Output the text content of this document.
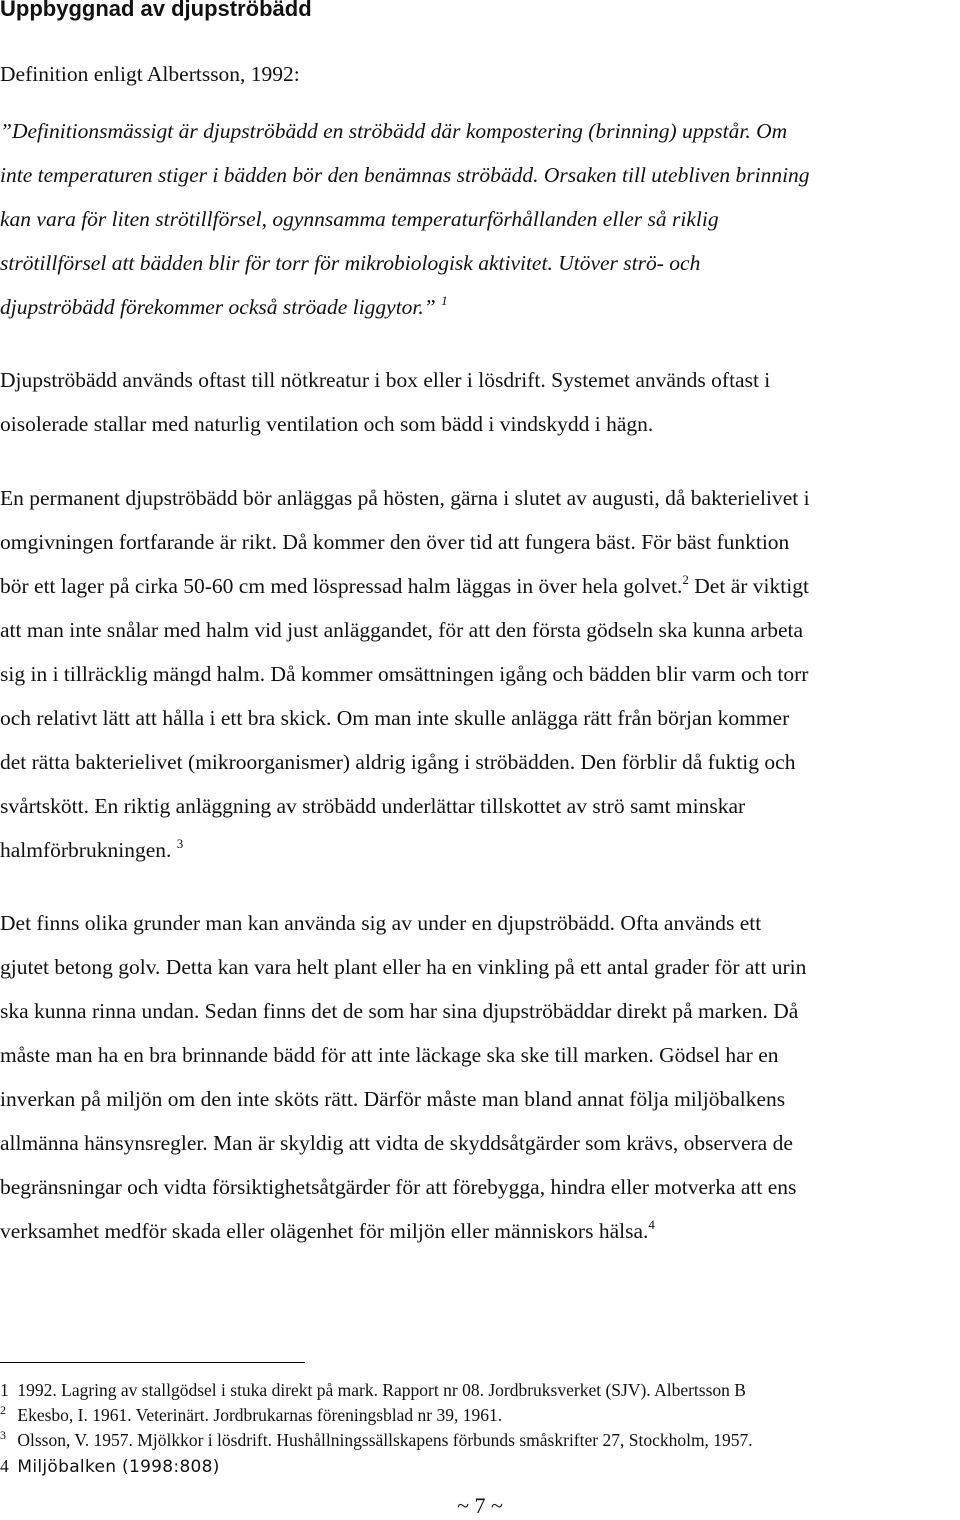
Uppbyggnad av djupströbädd

Definition enligt Albertsson, 1992:

”Definitionsmässigt är djupströbädd en ströbädd där kompostering (brinning) uppstår. Om

inte temperaturen stiger i bädden bör den benämnas ströbädd. Orsaken till utebliven brinning

kan vara för liten strötillförsel, ogynnsamma temperaturförhållanden eller så riklig

strötillförsel att bädden blir för torr för mikrobiologisk aktivitet. Utöver strö- och

djupströbädd förekommer också ströade liggytor.” $^1$

Djupströbädd används oftast till nötkreatur i box eller i lösdrift. Systemet används oftast i

oisolerade stallar med naturlig ventilation och som bädd i vindskydd i hägn.

En permanent djupströbädd bör anläggas på hösten, gärna i slutet av augusti, då bakterielivet i

omgivningen fortfarande är rikt. Då kommer den över tid att fungera bäst. För bäst funktion

bör ett lager på cirka 50-60 cm med löspressad halm läggas in över hela golvet.$^2$ Det är viktigt

att man inte snålar med halm vid just anläggandet, för att den första gödseln ska kunna arbeta

sig in i tillräcklig mängd halm. Då kommer omsättningen igång och bädden blir varm och torr

och relativt lätt att hålla i ett bra skick. Om man inte skulle anlägga rätt från början kommer

det rätta bakterielivet (mikroorganismer) aldrig igång i ströbädden. Den förblir då fuktig och

svårtskött. En riktig anläggning av ströbädd underlättar tillskottet av strö samt minskar

halmförbrukningen. $^3$

Det finns olika grunder man kan använda sig av under en djupströbädd. Ofta används ett

gjutet betong golv. Detta kan vara helt plant eller ha en vinkling på ett antal grader för att urin

ska kunna rinna undan. Sedan finns det de som har sina djupströbäddar direkt på marken. Då

måste man ha en bra brinnande bädd för att inte läckage ska ske till marken. Gödsel har en

inverkan på miljön om den inte sköts rätt. Därför måste man bland annat följa miljöbalkens

allmänna hänsynsregler. Man är skyldig att vidta de skyddsåtgärder som krävs, observera de

begränsningar och vidta försiktighetsåtgärder för att förebygga, hindra eller motverka att ens

verksamhet medför skada eller olägenhet för miljön eller människors hälsa.$^4$

1 1992. Lagring av stallgödsel i stuka direkt på mark. Rapport nr 08. Jordbruksverket (SJV). Albertsson B

$^2$ Ekesbo, I. 1961. Veterinärt. Jordbrukarnas föreningsblad nr 39, 1961.

$^3$ Olsson, V. 1957. Mjölkkor i lösdrift. Hushållningssällskapens förbunds småskrifter 27, Stockholm, 1957.

4 Miljöbalken (1998:808)

~ 7 ~
